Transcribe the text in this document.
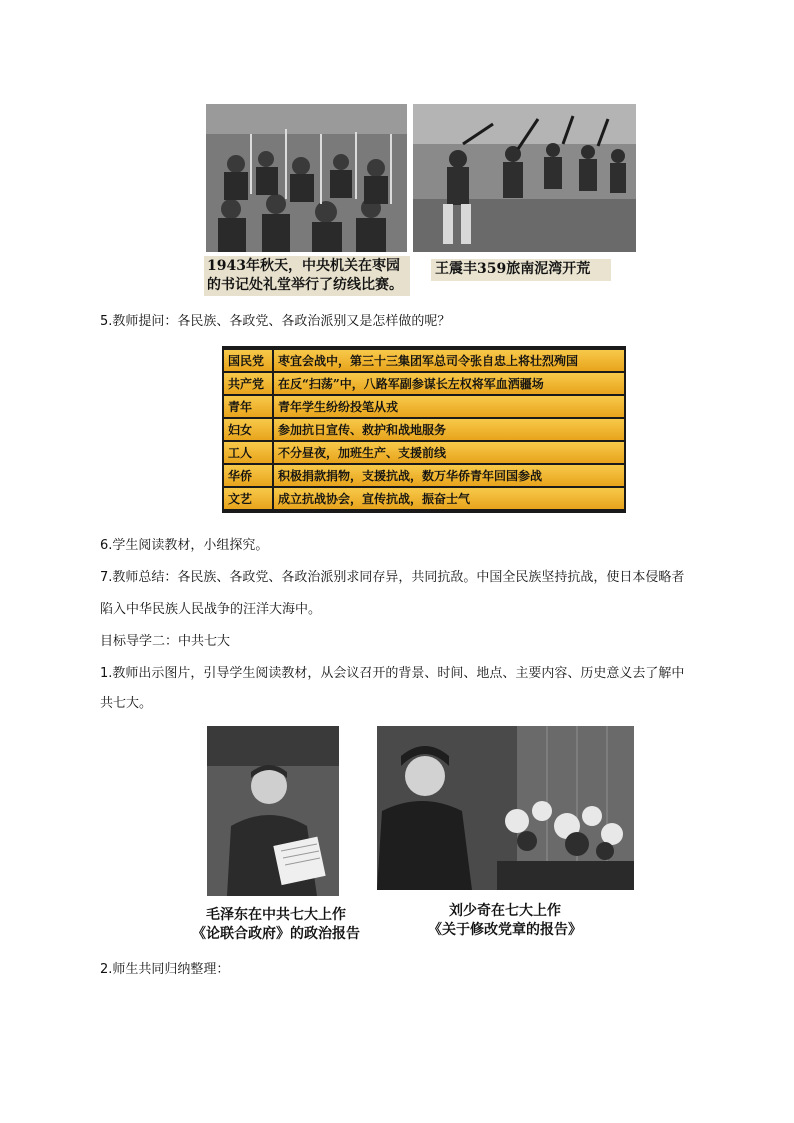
1943年秋天，中央机关在枣园
的书记处礼堂举行了纺线比赛。
王震丰359旅南泥湾开荒
5.教师提问：各民族、各政党、各政治派别又是怎样做的呢？
国民党	枣宜会战中，第三十三集团军总司令张自忠上将壮烈殉国
共产党	在反“扫荡”中，八路军副参谋长左权将军血洒疆场
青年	青年学生纷纷投笔从戎
妇女	参加抗日宣传、救护和战地服务
工人	不分昼夜，加班生产、支援前线
华侨	积极捐款捐物，支援抗战，数万华侨青年回国参战
文艺	成立抗战协会，宣传抗战，振奋士气
6.学生阅读教材，小组探究。
7.教师总结：各民族、各政党、各政治派别求同存异，共同抗敌。中国全民族坚持抗战，使日本侵略者
陷入中华民族人民战争的汪洋大海中。
目标导学二：中共七大
1.教师出示图片，引导学生阅读教材，从会议召开的背景、时间、地点、主要内容、历史意义去了解中
共七大。
毛泽东在中共七大上作
《论联合政府》的政治报告
刘少奇在七大上作
《关于修改党章的报告》
2.师生共同归纳整理：
